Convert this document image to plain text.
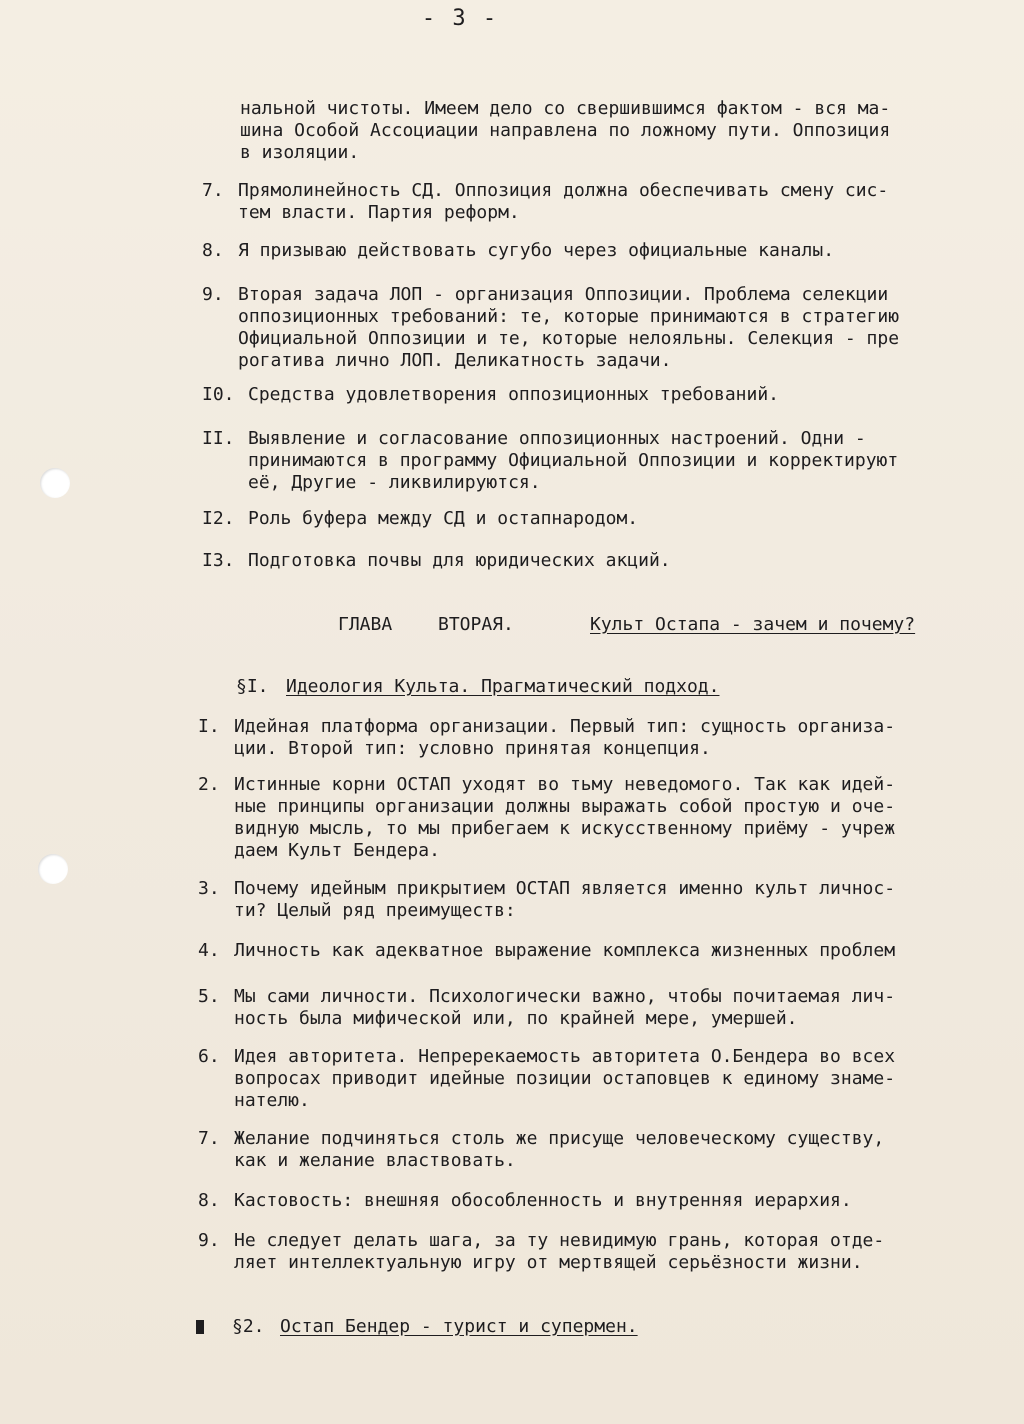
- 3 -
нальной чистоты. Имеем дело со свершившимся фактом - вся ма-
шина Особой Ассоциации направлена по ложному пути. Оппозиция
в изоляции.
7. Прямолинейность СД. Оппозиция должна обеспечивать смену сис-
тем власти. Партия реформ.
8. Я призываю действовать сугубо через официальные каналы.
9. Вторая задача ЛОП - организация Оппозиции. Проблема селекции
оппозиционных требований: те, которые принимаются в стратегию
Официальной Оппозиции и те, которые нелояльны. Селекция - пре
рогатива лично ЛОП. Деликатность задачи.
I0. Средства удовлетворения оппозиционных требований.
II. Выявление и согласование оппозиционных настроений. Одни -
принимаются в программу Официальной Оппозиции и корректируют
её, Другие - ликвилируются.
I2. Роль буфера между СД и остапнародом.
I3. Подготовка почвы для юридических акций.
ГЛАВА	ВТОРАЯ.	Культ Остапа - зачем и почему?
§I. Идеология Культа. Прагматический подход.
I. Идейная платформа организации. Первый тип: сущность организа-
ции. Второй тип: условно принятая концепция.
2. Истинные корни ОСТАП уходят во тьму неведомого. Так как идей-
ные принципы организации должны выражать собой простую и оче-
видную мысль, то мы прибегаем к искусственному приёму - учреж
даем Культ Бендера.
3. Почему идейным прикрытием ОСТАП является именно культ личнос-
ти? Целый ряд преимуществ:
4. Личность как адекватное выражение комплекса жизненных проблем
5. Мы сами личности. Психологически важно, чтобы почитаемая лич-
ность была мифической или, по крайней мере, умершей.
6. Идея авторитета. Непререкаемость авторитета О.Бендера во всех
вопросах приводит идейные позиции остаповцев к единому знаме-
нателю.
7. Желание подчиняться столь же присуще человеческому существу,
как и желание властвовать.
8. Кастовость: внешняя обособленность и внутренняя иерархия.
9. Не следует делать шага, за ту невидимую грань, которая отде-
ляет интеллектуальную игру от мертвящей серьёзности жизни.
§2. Остап Бендер - турист и супермен.
